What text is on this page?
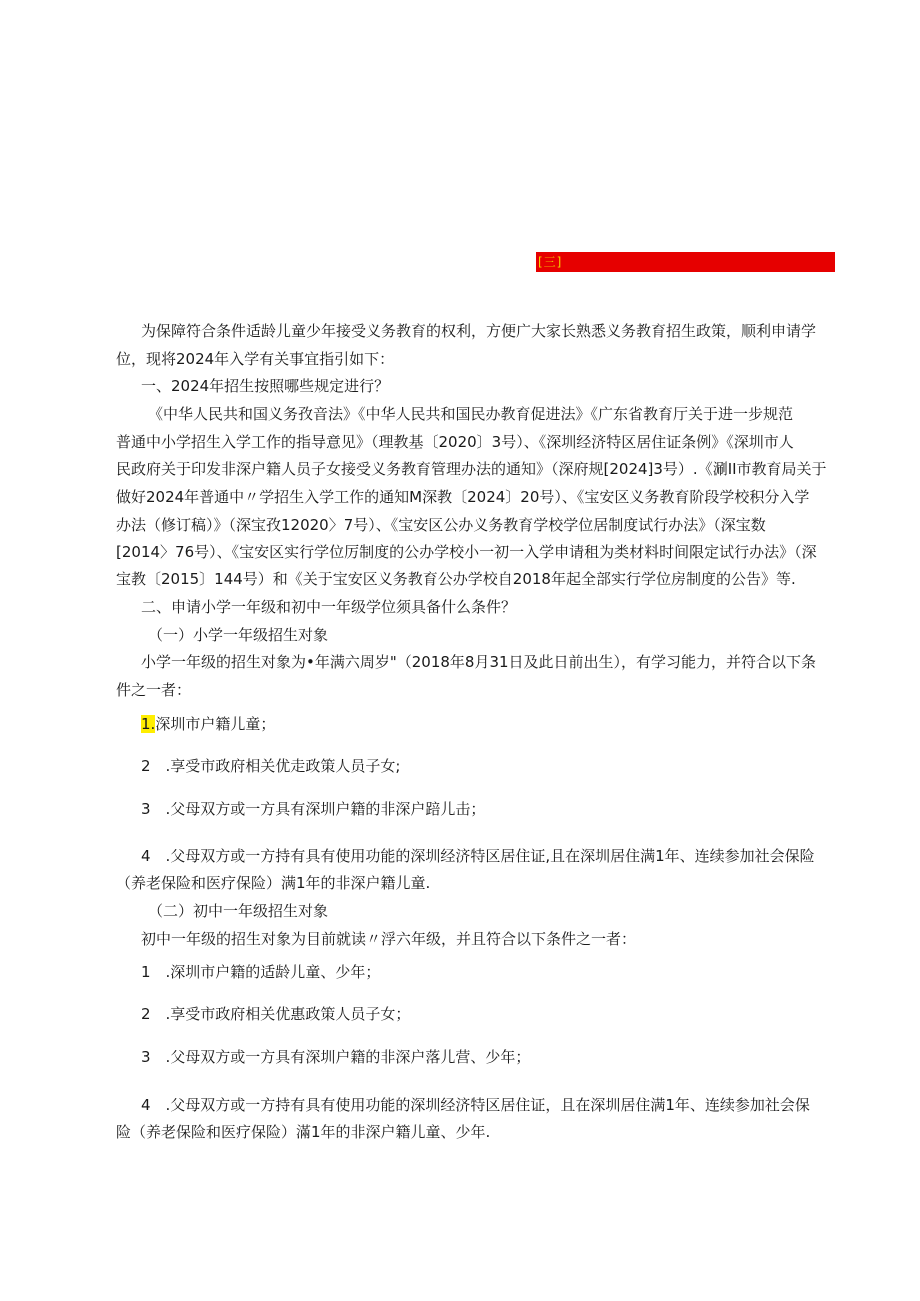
[三]
为保障符合条件适龄儿童少年接受义务教育的权利，方便广大家长熟悉义务教育招生政策，顺利申请学
位，现将2024年入学有关事宜指引如下：
一、2024年招生按照哪些规定进行？
《中华人民共和国义务孜音法》《中华人民共和国民办教育促进法》《广东省教育厅关于进一步规范
普通中小学招生入学工作的指导意见》（理教基〔2020〕3号）、《深圳经济特区居住证条例》《深圳市人
民政府关于印发非深户籍人员子女接受义务教育管理办法的通知》（深府规[2024]3号）.《涮II市教育局关于
做好2024年普通中〃学招生入学工作的通知M深教〔2024〕20号）、《宝安区义务教育阶段学校积分入学
办法（修订稿）》（深宝孜12020〉7号）、《宝安区公办义务教育学校学位居制度试行办法》（深宝数
[2014〉76号）、《宝安区实行学位厉制度的公办学校小一初一入学申请租为类材料时间限定试行办法》（深
宝教〔2015〕144号）和《关于宝安区义务教育公办学校自2018年起全部实行学位房制度的公告》等.
二、申请小学一年级和初中一年级学位须具备什么条件？
（一）小学一年级招生对象
小学一年级的招生对象为•年满六周岁"（2018年8月31日及此日前出生），有学习能力，并符合以下条
件之一者：
1.深圳市户籍儿童；
2　.享受市政府相关优走政策人员子女;
3　.父母双方或一方具有深圳户籍的非深户踣儿击；
4　.父母双方或一方持有具有使用功能的深圳经济特区居住证,且在深圳居住满1年、连续参加社会保险
（养老保险和医疗保险）满1年的非深户籍儿童.
（二）初中一年级招生对象
初中一年级的招生对象为目前就读〃浮六年级，并且符合以下条件之一者：
1　.深圳市户籍的适龄儿童、少年；
2　.享受市政府相关优惠政策人员子女；
3　.父母双方或一方具有深圳户籍的非深户落儿营、少年；
4　.父母双方或一方持有具有使用功能的深圳经济特区居住证，且在深圳居住满1年、连续参加社会保
险（养老保险和医疗保险）滿1年的非深户籍儿童、少年.
